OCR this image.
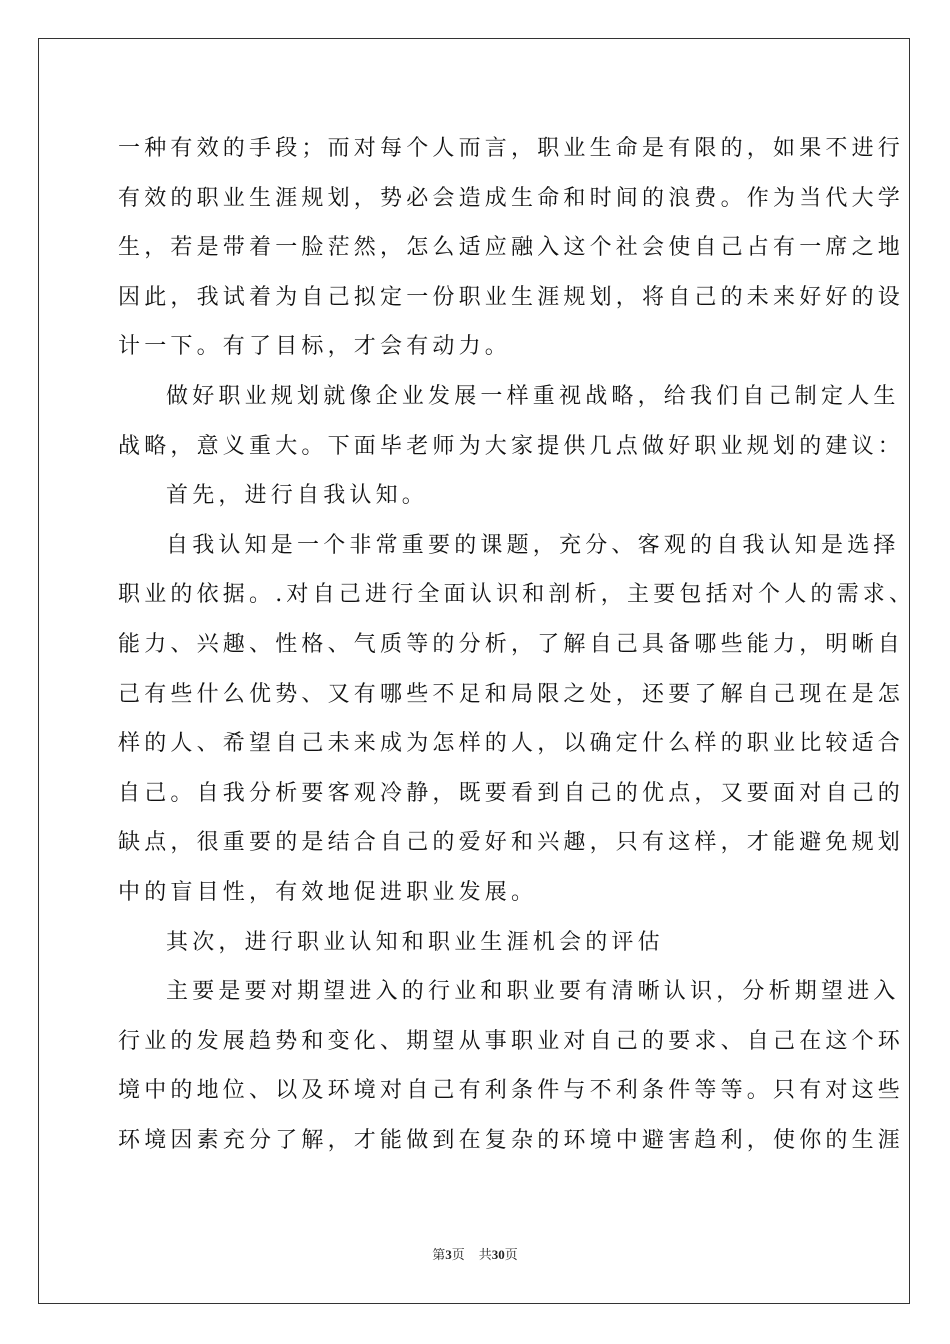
一种有效的手段；而对每个人而言，职业生命是有限的，如果不进行
有效的职业生涯规划，势必会造成生命和时间的浪费。作为当代大学
生，若是带着一脸茫然，怎么适应融入这个社会使自己占有一席之地
因此，我试着为自己拟定一份职业生涯规划，将自己的未来好好的设
计一下。有了目标，才会有动力。
做好职业规划就像企业发展一样重视战略，给我们自己制定人生
战略，意义重大。下面毕老师为大家提供几点做好职业规划的建议：
首先，进行自我认知。
自我认知是一个非常重要的课题，充分、客观的自我认知是选择
职业的依据。.对自己进行全面认识和剖析，主要包括对个人的需求、
能力、兴趣、性格、气质等的分析，了解自己具备哪些能力，明晰自
己有些什么优势、又有哪些不足和局限之处，还要了解自己现在是怎
样的人、希望自己未来成为怎样的人，以确定什么样的职业比较适合
自己。自我分析要客观冷静，既要看到自己的优点，又要面对自己的
缺点，很重要的是结合自己的爱好和兴趣，只有这样，才能避免规划
中的盲目性，有效地促进职业发展。
其次，进行职业认知和职业生涯机会的评估
主要是要对期望进入的行业和职业要有清晰认识，分析期望进入
行业的发展趋势和变化、期望从事职业对自己的要求、自己在这个环
境中的地位、以及环境对自己有利条件与不利条件等等。只有对这些
环境因素充分了解，才能做到在复杂的环境中避害趋利，使你的生涯
第3页 共30页
